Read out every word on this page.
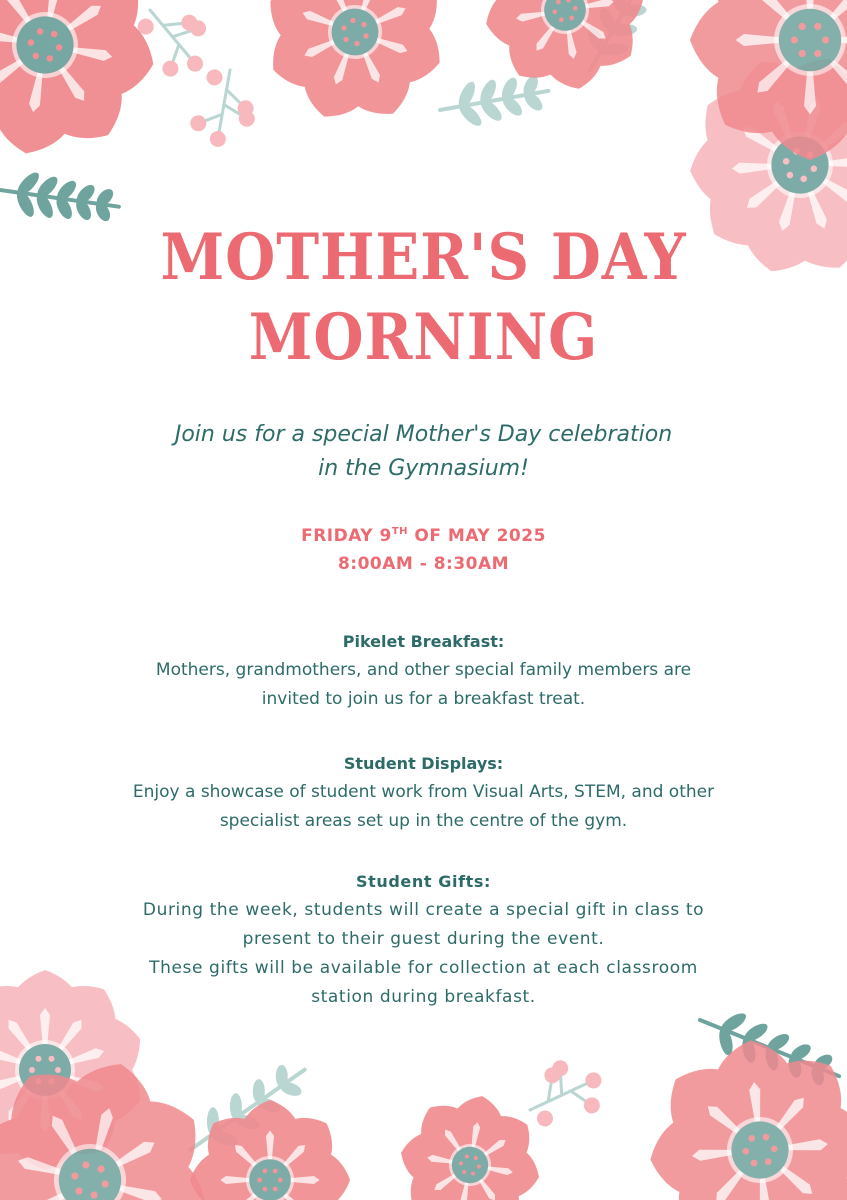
MOTHER'S DAY
MORNING
Join us for a special Mother's Day celebration
in the Gymnasium!
FRIDAY 9TH OF MAY 2025
8:00AM - 8:30AM
Pikelet Breakfast:
Mothers, grandmothers, and other special family members are
invited to join us for a breakfast treat.
Student Displays:
Enjoy a showcase of student work from Visual Arts, STEM, and other
specialist areas set up in the centre of the gym.
Student Gifts:
During the week, students will create a special gift in class to
present to their guest during the event.
These gifts will be available for collection at each classroom
station during breakfast.
